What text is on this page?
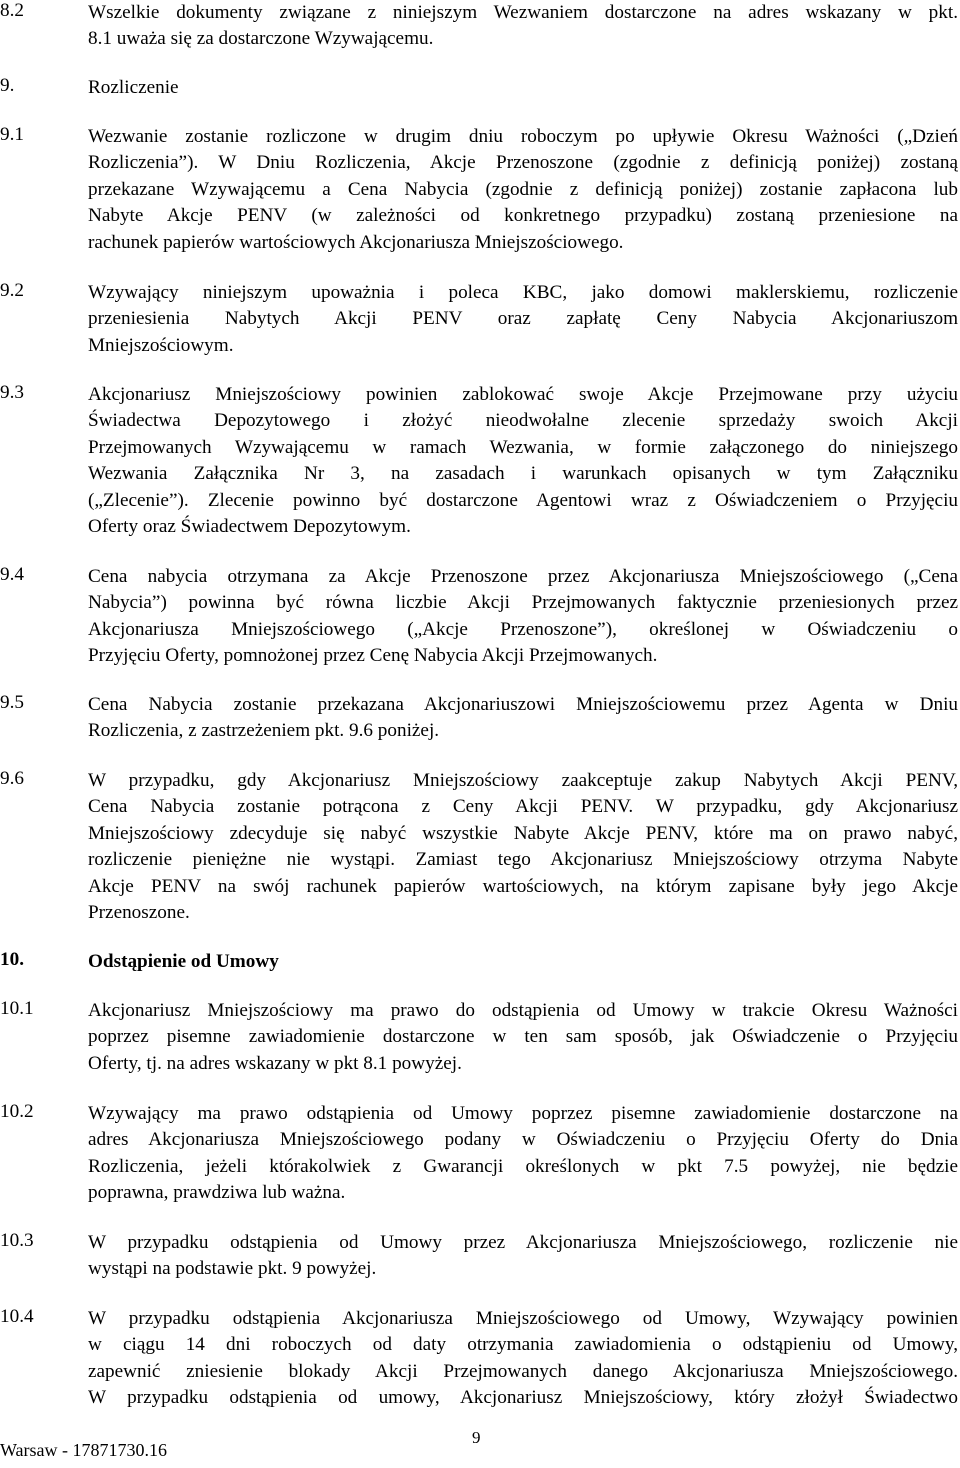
8.2	Wszelkie dokumenty związane z niniejszym Wezwaniem dostarczone na adres wskazany w pkt.
8.1 uważa się za dostarczone Wzywającemu.
9.	Rozliczenie
9.1	Wezwanie zostanie rozliczone w drugim dniu roboczym po upływie Okresu Ważności („Dzień
Rozliczenia”). W Dniu Rozliczenia, Akcje Przenoszone (zgodnie z definicją poniżej) zostaną
przekazane Wzywającemu a Cena Nabycia (zgodnie z definicją poniżej) zostanie zapłacona lub
Nabyte Akcje PENV (w zależności od konkretnego przypadku) zostaną przeniesione na
rachunek papierów wartościowych Akcjonariusza Mniejszościowego.
9.2	Wzywający niniejszym upoważnia i poleca KBC, jako domowi maklerskiemu, rozliczenie
przeniesienia Nabytych Akcji PENV oraz zapłatę Ceny Nabycia Akcjonariuszom
Mniejszościowym.
9.3	Akcjonariusz Mniejszościowy powinien zablokować swoje Akcje Przejmowane przy użyciu
Świadectwa Depozytowego i złożyć nieodwołalne zlecenie sprzedaży swoich Akcji
Przejmowanych Wzywającemu w ramach Wezwania, w formie załączonego do niniejszego
Wezwania Załącznika Nr 3, na zasadach i warunkach opisanych w tym Załączniku
(„Zlecenie”). Zlecenie powinno być dostarczone Agentowi wraz z Oświadczeniem o Przyjęciu
Oferty oraz Świadectwem Depozytowym.
9.4	Cena nabycia otrzymana za Akcje Przenoszone przez Akcjonariusza Mniejszościowego („Cena
Nabycia”) powinna być równa liczbie Akcji Przejmowanych faktycznie przeniesionych przez
Akcjonariusza Mniejszościowego („Akcje Przenoszone”), określonej w Oświadczeniu o
Przyjęciu Oferty, pomnożonej przez Cenę Nabycia Akcji Przejmowanych.
9.5	Cena Nabycia zostanie przekazana Akcjonariuszowi Mniejszościowemu przez Agenta w Dniu
Rozliczenia, z zastrzeżeniem pkt. 9.6 poniżej.
9.6	W przypadku, gdy Akcjonariusz Mniejszościowy zaakceptuje zakup Nabytych Akcji PENV,
Cena Nabycia zostanie potrącona z Ceny Akcji PENV. W przypadku, gdy Akcjonariusz
Mniejszościowy zdecyduje się nabyć wszystkie Nabyte Akcje PENV, które ma on prawo nabyć,
rozliczenie pieniężne nie wystąpi. Zamiast tego Akcjonariusz Mniejszościowy otrzyma Nabyte
Akcje PENV na swój rachunek papierów wartościowych, na którym zapisane były jego Akcje
Przenoszone.
10.	Odstąpienie od Umowy
10.1	Akcjonariusz Mniejszościowy ma prawo do odstąpienia od Umowy w trakcie Okresu Ważności
poprzez pisemne zawiadomienie dostarczone w ten sam sposób, jak Oświadczenie o Przyjęciu
Oferty, tj. na adres wskazany w pkt 8.1 powyżej.
10.2	Wzywający ma prawo odstąpienia od Umowy poprzez pisemne zawiadomienie dostarczone na
adres Akcjonariusza Mniejszościowego podany w Oświadczeniu o Przyjęciu Oferty do Dnia
Rozliczenia, jeżeli którakolwiek z Gwarancji określonych w pkt 7.5 powyżej, nie będzie
poprawna, prawdziwa lub ważna.
10.3	W przypadku odstąpienia od Umowy przez Akcjonariusza Mniejszościowego, rozliczenie nie
wystąpi na podstawie pkt. 9 powyżej.
10.4	W przypadku odstąpienia Akcjonariusza Mniejszościowego od Umowy, Wzywający powinien
w ciągu 14 dni roboczych od daty otrzymania zawiadomienia o odstąpieniu od Umowy,
zapewnić zniesienie blokady Akcji Przejmowanych danego Akcjonariusza Mniejszościowego.
W przypadku odstąpienia od umowy, Akcjonariusz Mniejszościowy, który złożył Świadectwo
9
Warsaw - 17871730.16
